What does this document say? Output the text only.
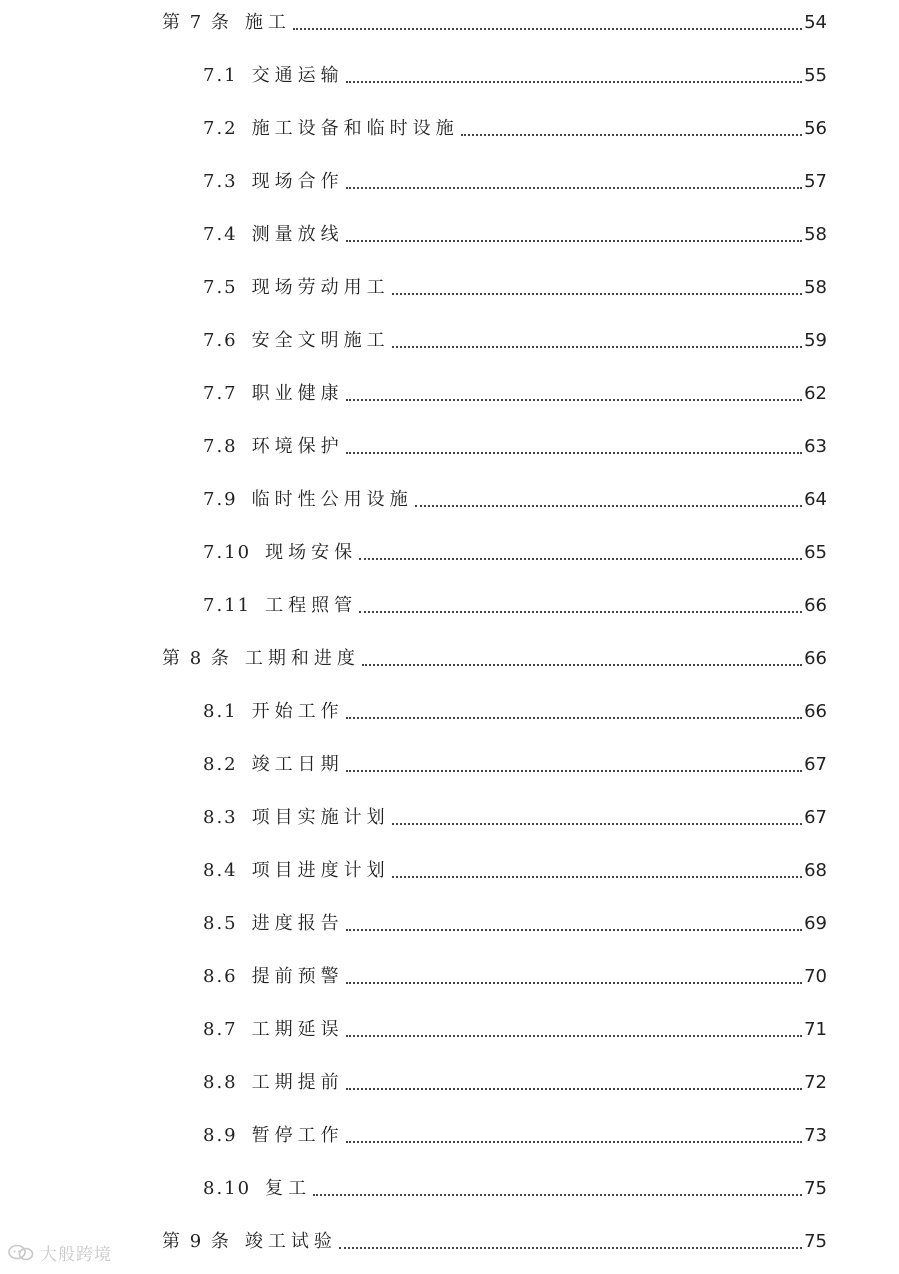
第 7 条 施工	54
7.1 交通运输	55
7.2 施工设备和临时设施	56
7.3 现场合作	57
7.4 测量放线	58
7.5 现场劳动用工	58
7.6 安全文明施工	59
7.7 职业健康	62
7.8 环境保护	63
7.9 临时性公用设施	64
7.10 现场安保	65
7.11 工程照管	66
第 8 条 工期和进度	66
8.1 开始工作	66
8.2 竣工日期	67
8.3 项目实施计划	67
8.4 项目进度计划	68
8.5 进度报告	69
8.6 提前预警	70
8.7 工期延误	71
8.8 工期提前	72
8.9 暂停工作	73
8.10 复工	75
第 9 条 竣工试验	75
大般跨境
